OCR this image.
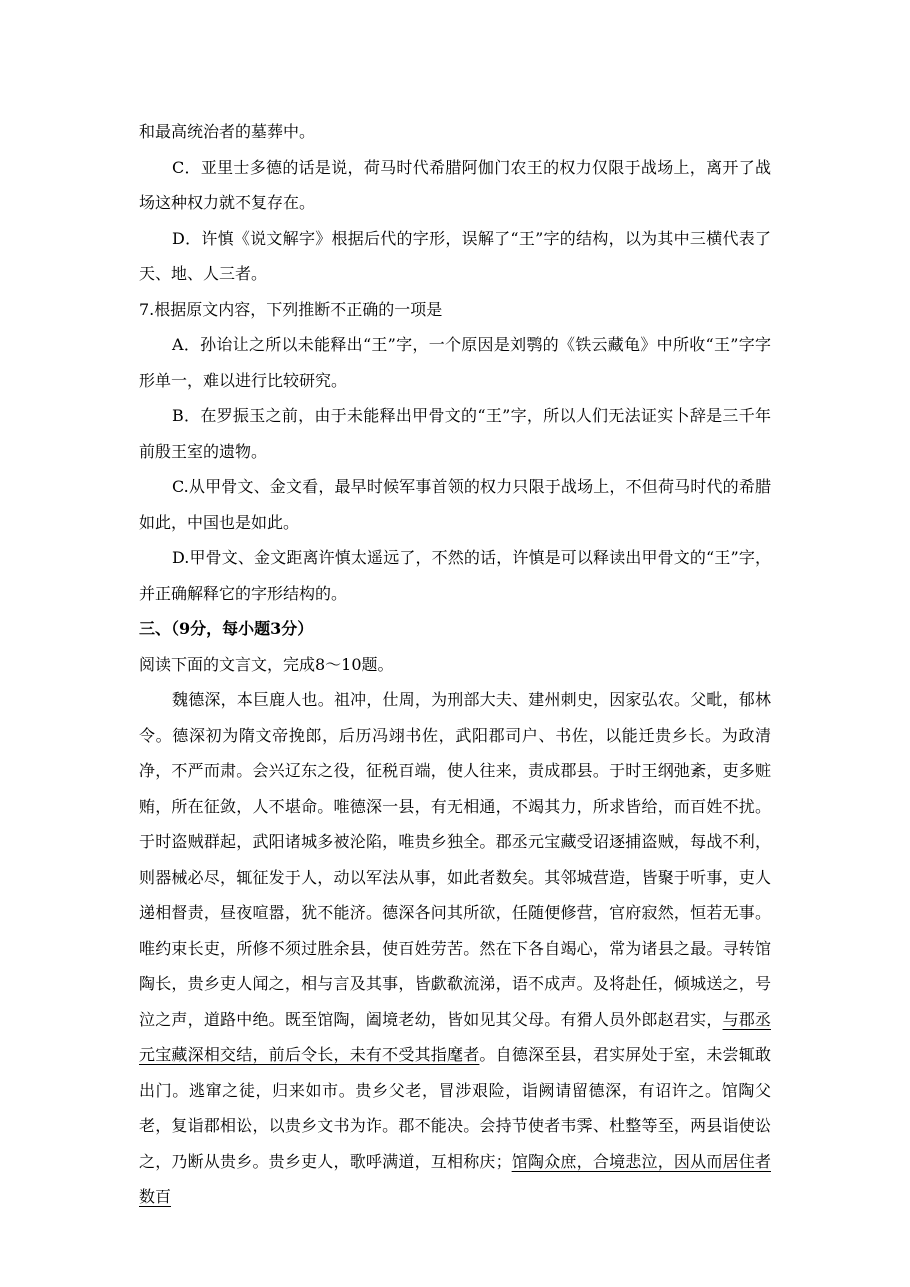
和最高统治者的墓葬中。

C．亚里士多德的话是说，荷马时代希腊阿伽门农王的权力仅限于战场上，离开了战场这种权力就不复存在。

D．许慎《说文解字》根据后代的字形，误解了“王”字的结构，以为其中三横代表了天、地、人三者。

7.根据原文内容，下列推断不正确的一项是

A．孙诒让之所以未能释出“王”字，一个原因是刘鹗的《铁云藏龟》中所收“王”字字形单一，难以进行比较研究。

B．在罗振玉之前，由于未能释出甲骨文的“王”字，所以人们无法证实卜辞是三千年前殷王室的遗物。

C.从甲骨文、金文看，最早时候军事首领的权力只限于战场上，不但荷马时代的希腊如此，中国也是如此。

D.甲骨文、金文距离许慎太遥远了，不然的话，许慎是可以释读出甲骨文的“王”字，并正确解释它的字形结构的。

三、（9分，每小题3分）

阅读下面的文言文，完成8～10题。

魏德深，本巨鹿人也。祖冲，仕周，为刑部大夫、建州刺史，因家弘农。父毗，郁林令。德深初为隋文帝挽郎，后历冯翊书佐，武阳郡司户、书佐，以能迁贵乡长。为政清净，不严而肃。会兴辽东之役，征税百端，使人往来，责成郡县。于时王纲弛紊，吏多赃贿，所在征敛，人不堪命。唯德深一县，有无相通，不竭其力，所求皆给，而百姓不扰。于时盗贼群起，武阳诸城多被沦陷，唯贵乡独全。郡丞元宝藏受诏逐捕盗贼，每战不利，则器械必尽，辄征发于人，动以军法从事，如此者数矣。其邻城营造，皆聚于听事，吏人递相督责，昼夜喧嚣，犹不能济。德深各问其所欲，任随便修营，官府寂然，恒若无事。唯约束长吏，所修不须过胜余县，使百姓劳苦。然在下各自竭心，常为诸县之最。寻转馆陶长，贵乡吏人闻之，相与言及其事，皆歔欷流涕，语不成声。及将赴任，倾城送之，号泣之声，道路中绝。既至馆陶，阖境老幼，皆如见其父母。有猾人员外郎赵君实，与郡丞元宝藏深相交结，前后令长，未有不受其指麾者。自德深至县，君实屏处于室，未尝辄敢出门。逃窜之徒，归来如市。贵乡父老，冒涉艰险，诣阙请留德深，有诏许之。馆陶父老，复诣郡相讼，以贵乡文书为诈。郡不能决。会持节使者韦霁、杜整等至，两县诣使讼之，乃断从贵乡。贵乡吏人，歌呼满道，互相称庆；馆陶众庶，合境悲泣，因从而居住者数百
